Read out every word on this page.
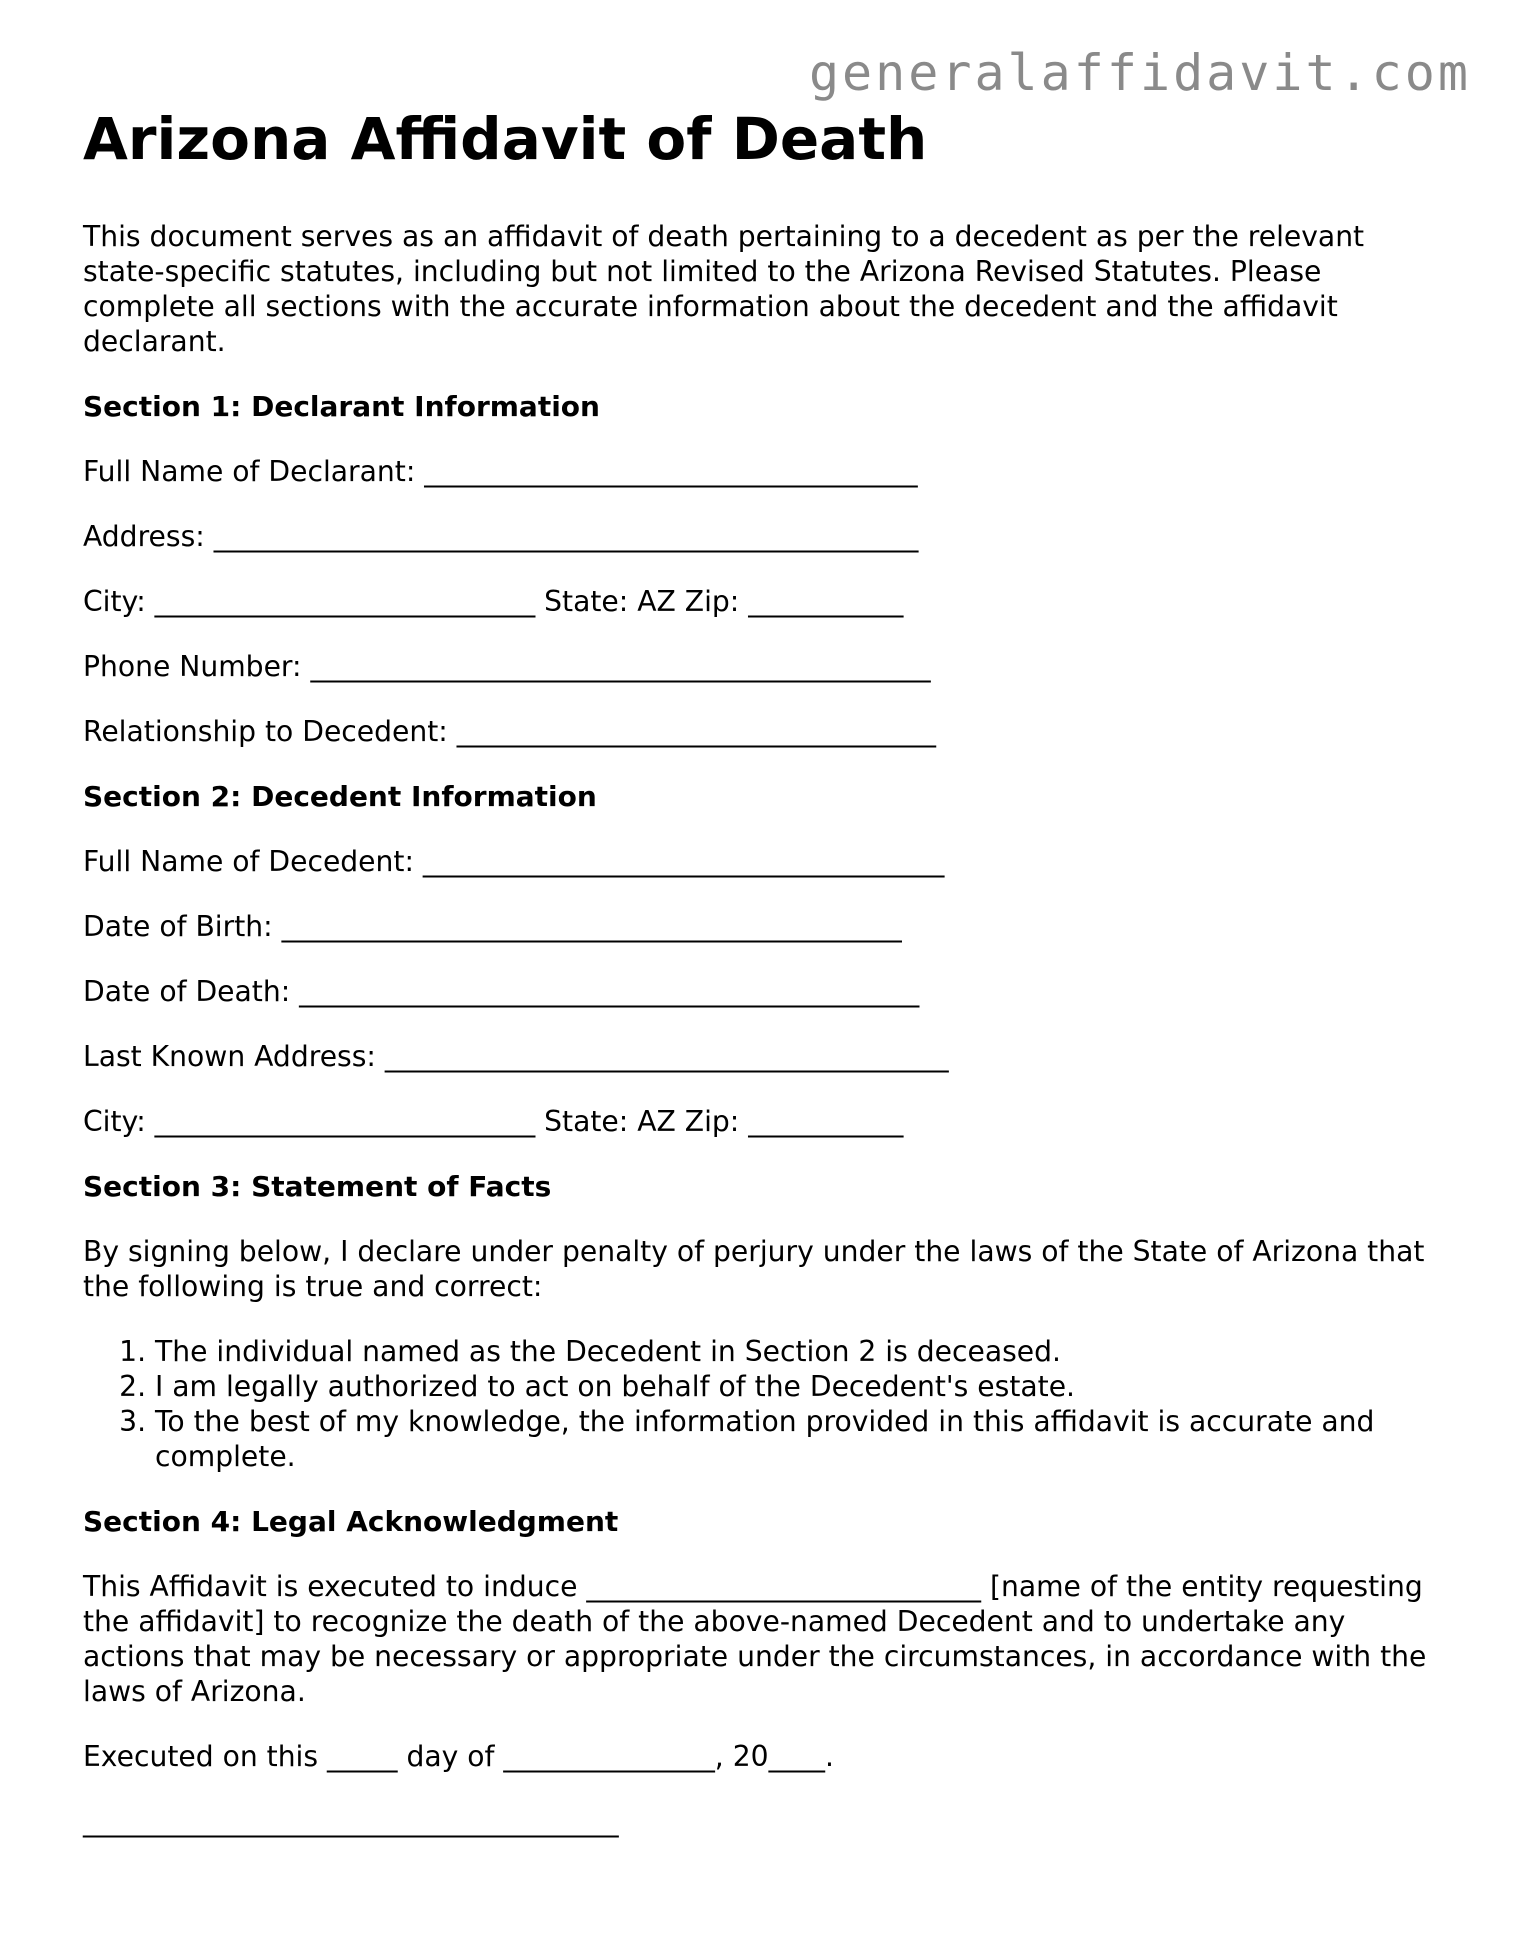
Arizona Affidavit of Death

This document serves as an affidavit of death pertaining to a decedent as per the relevant state-specific statutes, including but not limited to the Arizona Revised Statutes. Please complete all sections with the accurate information about the decedent and the affidavit declarant.

Section 1: Declarant Information

Full Name of Declarant: ___________________________________

Address: __________________________________________________

City: ___________________________ State: AZ Zip: ___________

Phone Number: ____________________________________________

Relationship to Decedent: __________________________________

Section 2: Decedent Information

Full Name of Decedent: _____________________________________

Date of Birth: ____________________________________________

Date of Death: ____________________________________________

Last Known Address: ________________________________________

City: ___________________________ State: AZ Zip: ___________

Section 3: Statement of Facts

By signing below, I declare under penalty of perjury under the laws of the State of Arizona that the following is true and correct:

1. The individual named as the Decedent in Section 2 is deceased.
2. I am legally authorized to act on behalf of the Decedent's estate.
3. To the best of my knowledge, the information provided in this affidavit is accurate and complete.

Section 4: Legal Acknowledgment

This Affidavit is executed to induce ____________________________ [name of the entity requesting the affidavit] to recognize the death of the above-named Decedent and to undertake any actions that may be necessary or appropriate under the circumstances, in accordance with the laws of Arizona.

Executed on this _____ day of _______________, 20____.

______________________________________

generalaffidavit.com
